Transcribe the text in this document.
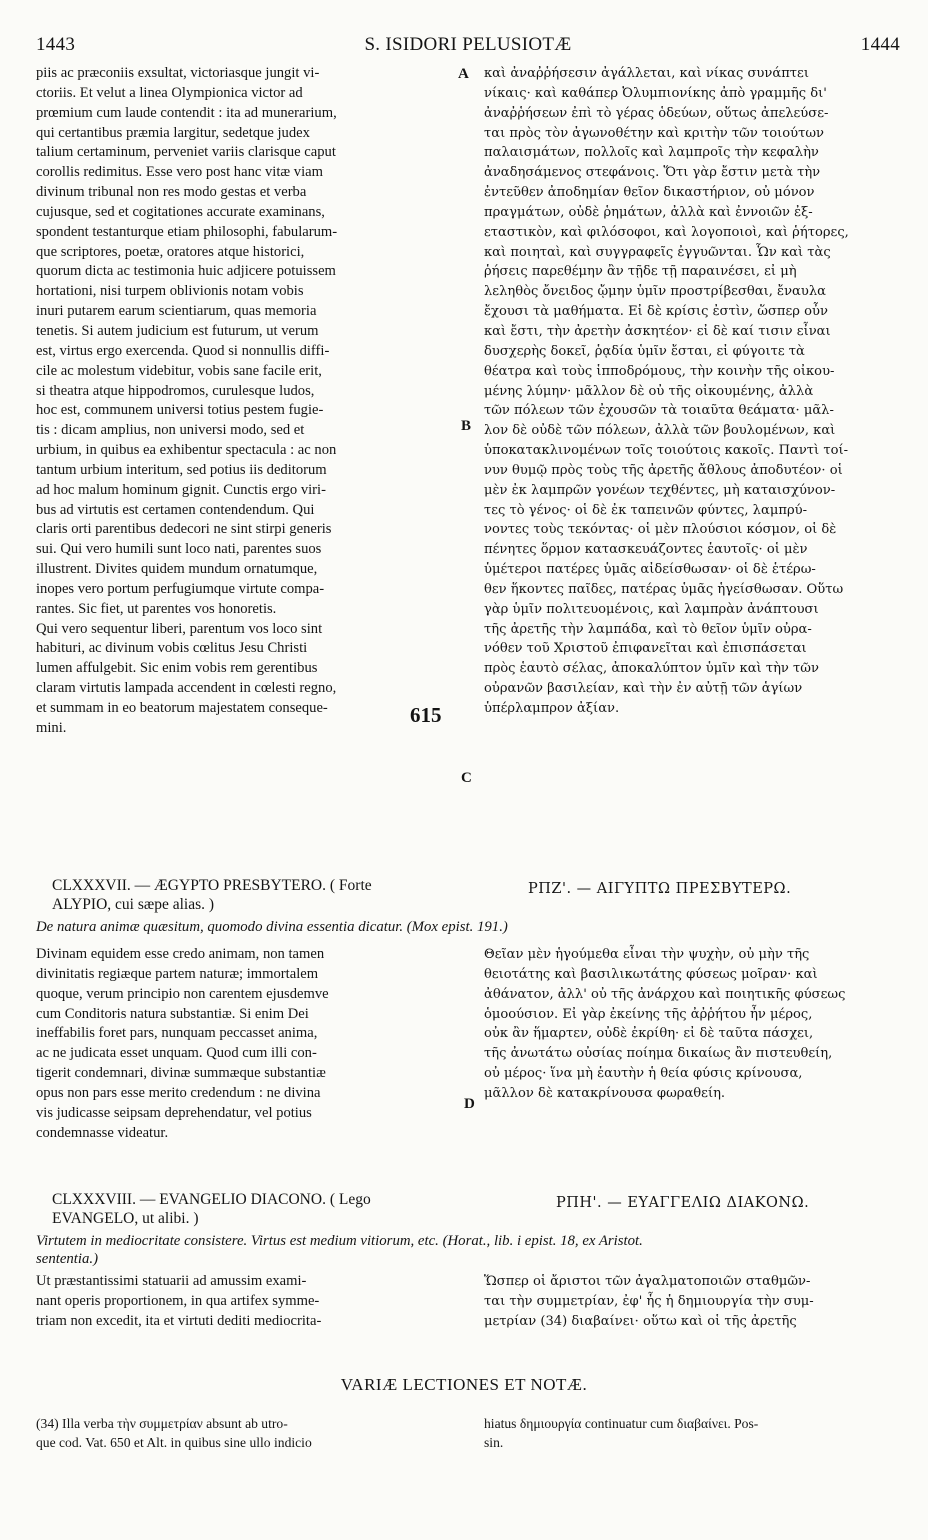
1443	S. ISIDORI PELUSIOTÆ	1444
piis ac præconiis exsultat, victoriasque jungit vi-
ctoriis. Et velut a linea Olympionica victor ad
prœmium cum laude contendit : ita ad munerarium,
qui certantibus præmia largitur, sedetque judex
talium certaminum, perveniet variis clarisque caput
corollis redimitus. Esse vero post hanc vitæ viam
divinum tribunal non res modo gestas et verba
cujusque, sed et cogitationes accurate examinans,
spondent testanturque etiam philosophi, fabularum-
que scriptores, poetæ, oratores atque historici,
quorum dicta ac testimonia huic adjicere potuissem
hortationi, nisi turpem oblivionis notam vobis
inuri putarem earum scientiarum, quas memoria
tenetis. Si autem judicium est futurum, ut verum
est, virtus ergo exercenda. Quod si nonnullis diffi-
cile ac molestum videbitur, vobis sane facile erit,
si theatra atque hippodromos, curulesque ludos,
hoc est, communem universi totius pestem fugie-
tis : dicam amplius, non universi modo, sed et
urbium, in quibus ea exhibentur spectacula : ac non
tantum urbium interitum, sed potius iis deditorum
ad hoc malum hominum gignit. Cunctis ergo viri-
bus ad virtutis est certamen contendendum. Qui
claris orti parentibus dedecori ne sint stirpi generis
sui. Qui vero humili sunt loco nati, parentes suos
illustrent. Divites quidem mundum ornatumque,
inopes vero portum perfugiumque virtute compa-
rantes. Sic fiet, ut parentes vos honoretis.
Qui vero sequentur liberi, parentum vos loco sint
habituri, ac divinum vobis cœlitus Jesu Christi
lumen affulgebit. Sic enim vobis rem gerentibus
claram virtutis lampada accendent in cœlesti regno,
et summam in eo beatorum majestatem conseque-
mini.
καὶ ἀναῤῥήσεσιν ἀγάλλεται, καὶ νίκας συνάπτει
νίκαις· καὶ καθάπερ Ὀλυμπιονίκης ἀπὸ γραμμῆς δι'
ἀναῤῥήσεων ἐπὶ τὸ γέρας ὁδεύων, οὕτως ἀπελεύσε-
ται πρὸς τὸν ἀγωνοθέτην καὶ κριτὴν τῶν τοιούτων
παλαισμάτων, πολλοῖς καὶ λαμπροῖς τὴν κεφαλὴν
ἀναδησάμενος στεφάνοις. Ὅτι γὰρ ἔστιν μετὰ τὴν
ἐντεῦθεν ἀποδημίαν θεῖον δικαστήριον, οὐ μόνον
πραγμάτων, οὐδὲ ῥημάτων, ἀλλὰ καὶ ἐννοιῶν ἐξ-
εταστικὸν, καὶ φιλόσοφοι, καὶ λογοποιοὶ, καὶ ῥήτορες,
καὶ ποιηταὶ, καὶ συγγραφεῖς ἐγγυῶνται. Ὧν καὶ τὰς
ῥήσεις παρεθέμην ἂν τῇδε τῇ παραινέσει, εἰ μὴ
λεληθὸς ὄνειδος ᾤμην ὑμῖν προστρίβεσθαι, ἔναυλα
ἔχουσι τὰ μαθήματα. Εἰ δὲ κρίσις ἐστὶν, ὥσπερ οὖν
καὶ ἔστι, τὴν ἀρετὴν ἀσκητέον· εἰ δὲ καί τισιν εἶναι
δυσχερὴς δοκεῖ, ῥᾳδία ὑμῖν ἔσται, εἰ φύγοιτε τὰ
θέατρα καὶ τοὺς ἱπποδρόμους, τὴν κοινὴν τῆς οἰκου-
μένης λύμην· μᾶλλον δὲ οὐ τῆς οἰκουμένης, ἀλλὰ
τῶν πόλεων τῶν ἐχουσῶν τὰ τοιαῦτα θεάματα· μᾶλ-
λον δὲ οὐδὲ τῶν πόλεων, ἀλλὰ τῶν βουλομένων, καὶ
ὑποκατακλινομένων τοῖς τοιούτοις κακοῖς. Παντὶ τοί-
νυν θυμῷ πρὸς τοὺς τῆς ἀρετῆς ἄθλους ἀποδυτέον· οἱ
μὲν ἐκ λαμπρῶν γονέων τεχθέντες, μὴ καταισχύνον-
τες τὸ γένος· οἱ δὲ ἐκ ταπεινῶν φύντες, λαμπρύ-
νοντες τοὺς τεκόντας· οἱ μὲν πλούσιοι κόσμον, οἱ δὲ
πένητες ὅρμον κατασκευάζοντες ἑαυτοῖς· οἱ μὲν
ὑμέτεροι πατέρες ὑμᾶς αἰδείσθωσαν· οἱ δὲ ἑτέρω-
θεν ἥκοντες παῖδες, πατέρας ὑμᾶς ἡγείσθωσαν. Οὕτω
γὰρ ὑμῖν πολιτευομένοις, καὶ λαμπρὰν ἀνάπτουσι
τῆς ἀρετῆς τὴν λαμπάδα, καὶ τὸ θεῖον ὑμῖν οὐρα-
νόθεν τοῦ Χριστοῦ ἐπιφανεῖται καὶ ἐπισπάσεται
πρὸς ἑαυτὸ σέλας, ἀποκαλύπτον ὑμῖν καὶ τὴν τῶν
οὐρανῶν βασιλείαν, καὶ τὴν ἐν αὐτῇ τῶν ἁγίων
ὑπέρλαμπρον ἀξίαν.
A
B
C
615
CLXXXVII. — ÆGYPTO PRESBYTERO. ( Forte
ALYPIO, cui sæpe alias. )
ΡΠΖ'. — ΑΙΓΥΠΤΩ ΠΡΕΣΒΥΤΕΡΩ.
De natura animæ quæsitum, quomodo divina essentia dicatur. (Mox epist. 191.)
Divinam equidem esse credo animam, non tamen
divinitatis regiæque partem naturæ; immortalem
quoque, verum principio non carentem ejusdemve
cum Conditoris natura substantiæ. Si enim Dei
ineffabilis foret pars, nunquam peccasset anima,
ac ne judicata esset unquam. Quod cum illi con-
tigerit condemnari, divinæ summæque substantiæ
opus non pars esse merito credendum : ne divina
vis judicasse seipsam deprehendatur, vel potius
condemnasse videatur.
Θεῖαν μὲν ἡγούμεθα εἶναι τὴν ψυχὴν, οὐ μὴν τῆς
θειοτάτης καὶ βασιλικωτάτης φύσεως μοῖραν· καὶ
ἀθάνατον, ἀλλ' οὐ τῆς ἀνάρχου καὶ ποιητικῆς φύσεως
ὁμοούσιον. Εἰ γὰρ ἐκείνης τῆς ἀῤῥήτου ἦν μέρος,
οὐκ ἂν ἥμαρτεν, οὐδὲ ἐκρίθη· εἰ δὲ ταῦτα πάσχει,
τῆς ἀνωτάτω οὐσίας ποίημα δικαίως ἂν πιστευθείη,
οὐ μέρος· ἵνα μὴ ἑαυτὴν ἡ θεία φύσις κρίνουσα,
μᾶλλον δὲ κατακρίνουσα φωραθείη.
D
CLXXXVIII. — EVANGELIO DIACONO. ( Lego
EVANGELO, ut alibi. )
ΡΠΗ'. — ΕΥΑΓΓΕΛΙΩ ΔΙΑΚΟΝΩ.
Virtutem in mediocritate consistere. Virtus est medium vitiorum, etc. (Horat., lib. i epist. 18, ex Aristot.
sententia.)
Ut præstantissimi statuarii ad amussim exami-
nant operis proportionem, in qua artifex symme-
triam non excedit, ita et virtuti dediti mediocrita-
Ὥσπερ οἱ ἄριστοι τῶν ἀγαλματοποιῶν σταθμῶν-
ται τὴν συμμετρίαν, ἐφ' ἧς ἡ δημιουργία τὴν συμ-
μετρίαν (34) διαβαίνει· οὕτω καὶ οἱ τῆς ἀρετῆς
VARIÆ LECTIONES ET NOTÆ.
(34) Illa verba τὴν συμμετρίαν absunt ab utro-
que cod. Vat. 650 et Alt. in quibus sine ullo indicio
hiatus δημιουργία continuatur cum διαβαίνει. Pos-
sin.
